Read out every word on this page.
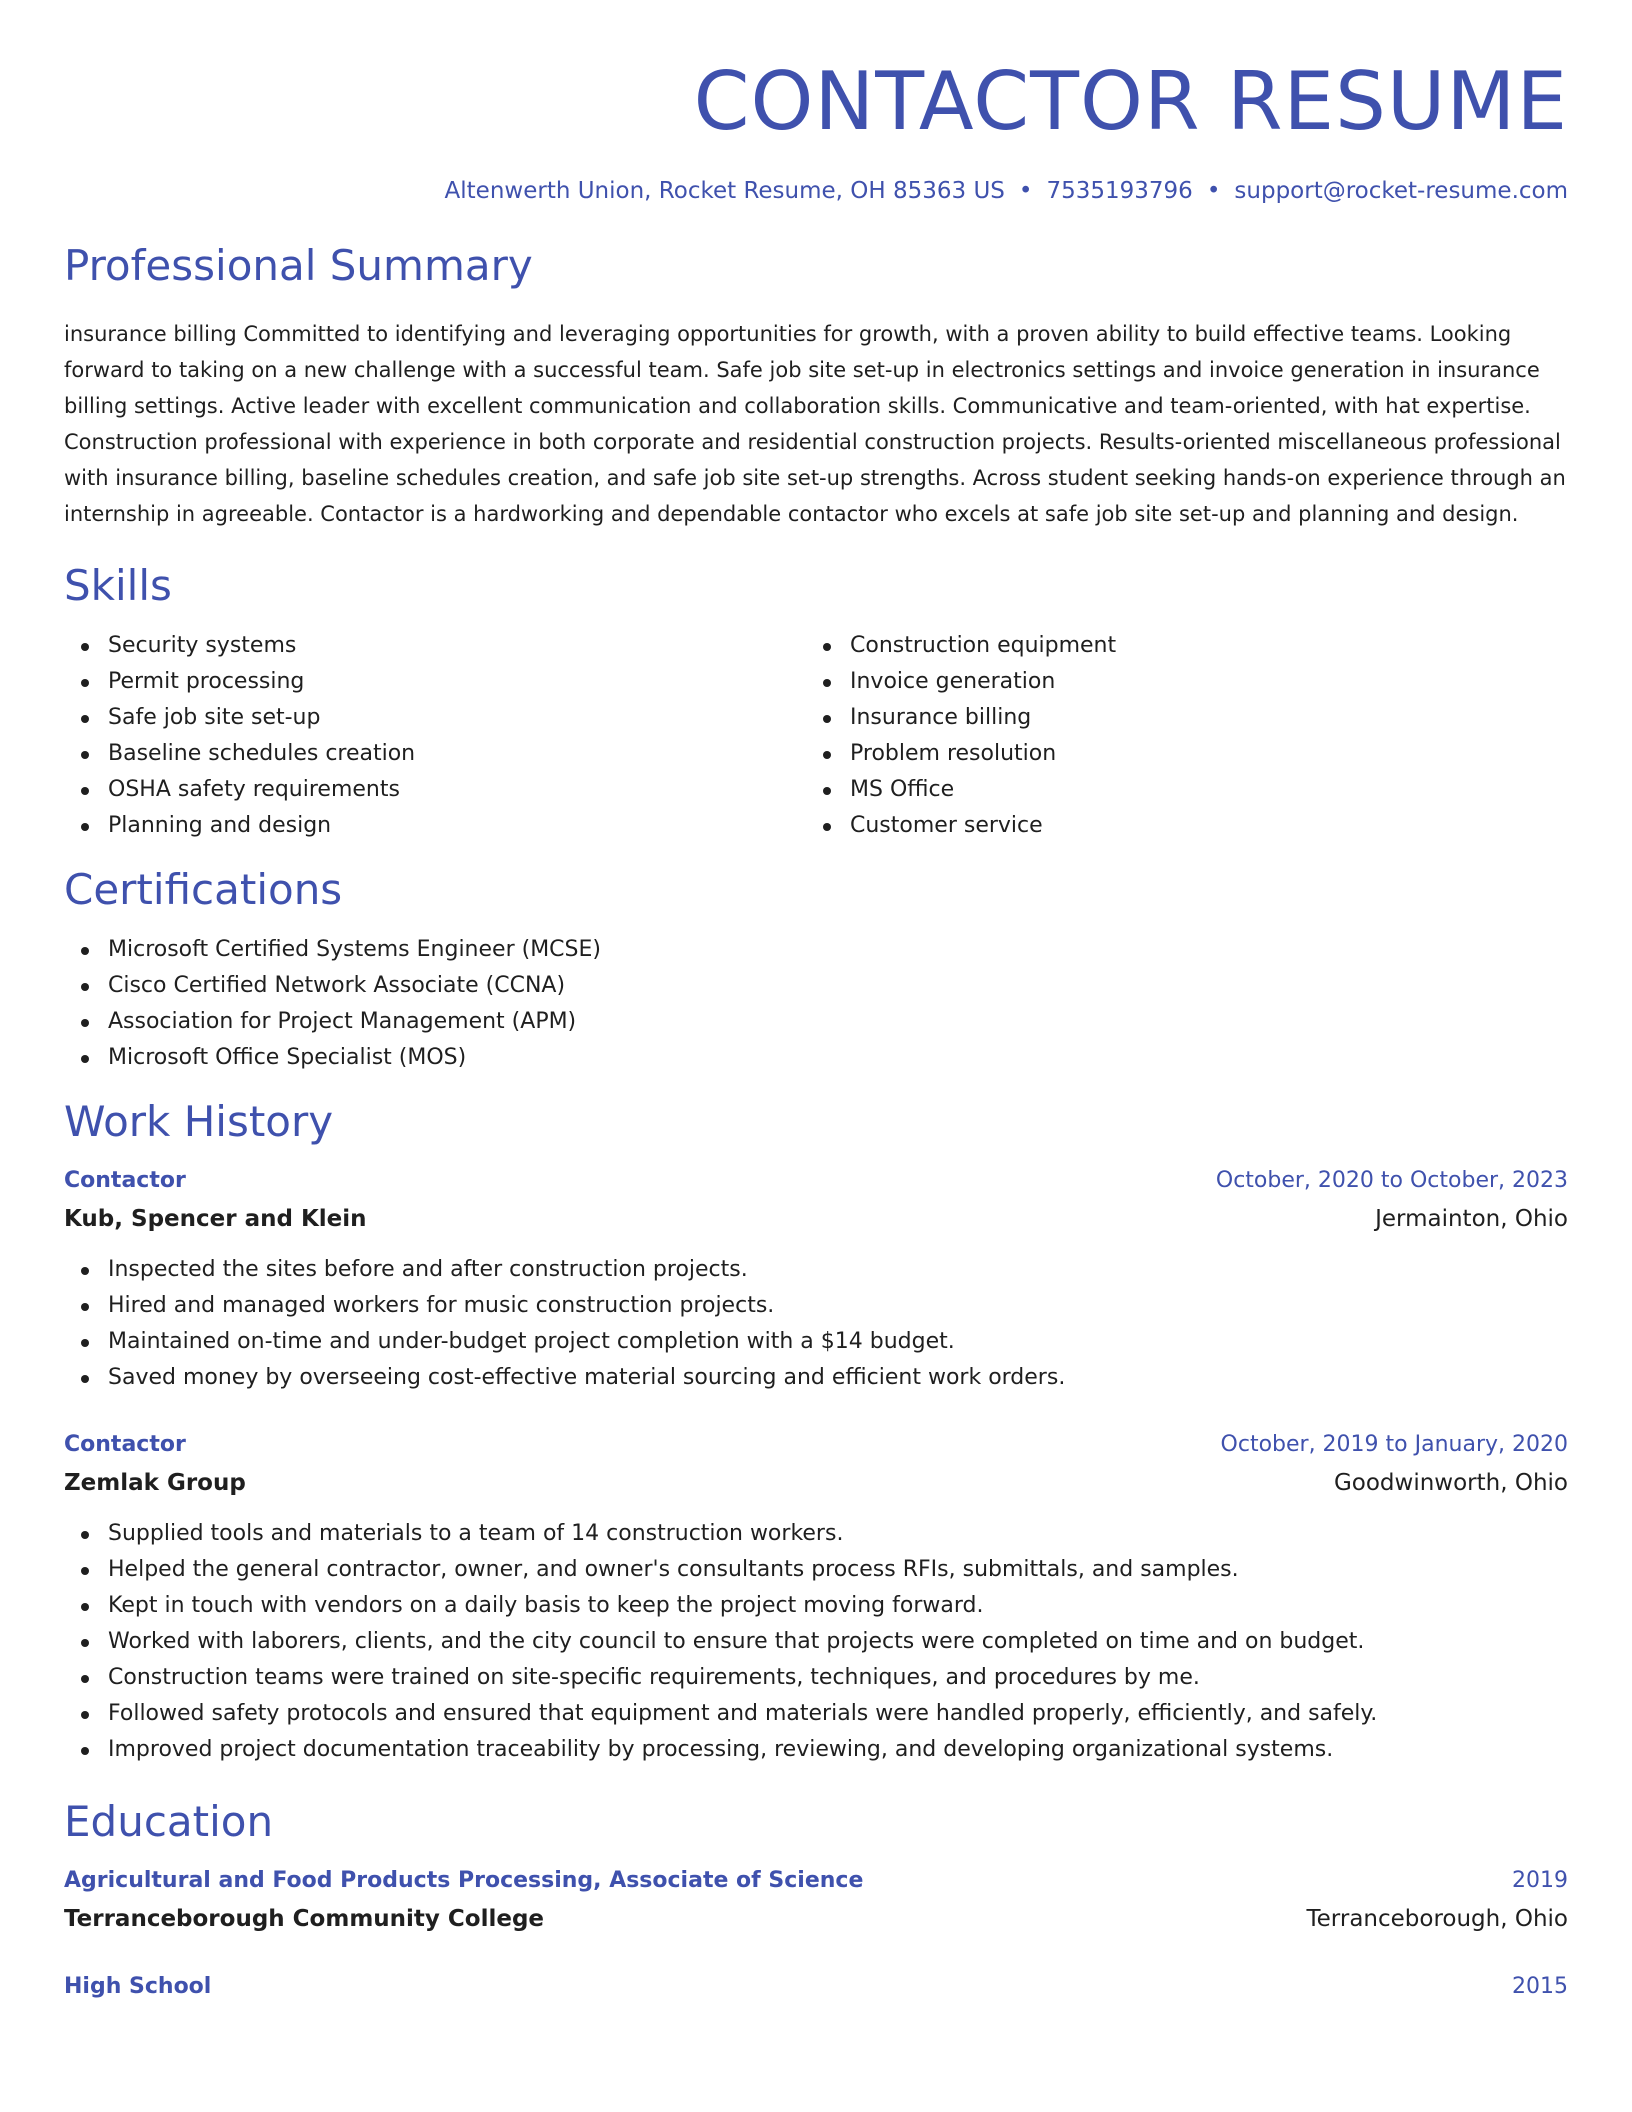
CONTACTOR RESUME
Altenwerth Union, Rocket Resume, OH 85363 US • 7535193796 • support@rocket-resume.com
Professional Summary

insurance billing Committed to identifying and leveraging opportunities for growth, with a proven ability to build effective teams. Looking forward to taking on a new challenge with a successful team. Safe job site set-up in electronics settings and invoice generation in insurance billing settings. Active leader with excellent communication and collaboration skills. Communicative and team-oriented, with hat expertise. Construction professional with experience in both corporate and residential construction projects. Results-oriented miscellaneous professional with insurance billing, baseline schedules creation, and safe job site set-up strengths. Across student seeking hands-on experience through an internship in agreeable. Contactor is a hardworking and dependable contactor who excels at safe job site set-up and planning and design.

Skills
Security systems
Permit processing
Safe job site set-up
Baseline schedules creation
OSHA safety requirements
Planning and design
Construction equipment
Invoice generation
Insurance billing
Problem resolution
MS Office
Customer service
Certifications
Microsoft Certified Systems Engineer (MCSE)
Cisco Certified Network Associate (CCNA)
Association for Project Management (APM)
Microsoft Office Specialist (MOS)
Work History
Contactor	October, 2020 to October, 2023
Kub, Spencer and Klein	Jermainton, Ohio
Inspected the sites before and after construction projects.
Hired and managed workers for music construction projects.
Maintained on-time and under-budget project completion with a $14 budget.
Saved money by overseeing cost-effective material sourcing and efficient work orders.
Contactor	October, 2019 to January, 2020
Zemlak Group	Goodwinworth, Ohio
Supplied tools and materials to a team of 14 construction workers.
Helped the general contractor, owner, and owner's consultants process RFIs, submittals, and samples.
Kept in touch with vendors on a daily basis to keep the project moving forward.
Worked with laborers, clients, and the city council to ensure that projects were completed on time and on budget.
Construction teams were trained on site-specific requirements, techniques, and procedures by me.
Followed safety protocols and ensured that equipment and materials were handled properly, efficiently, and safely.
Improved project documentation traceability by processing, reviewing, and developing organizational systems.
Education
Agricultural and Food Products Processing, Associate of Science	2019
Terranceborough Community College	Terranceborough, Ohio
High School	2015
